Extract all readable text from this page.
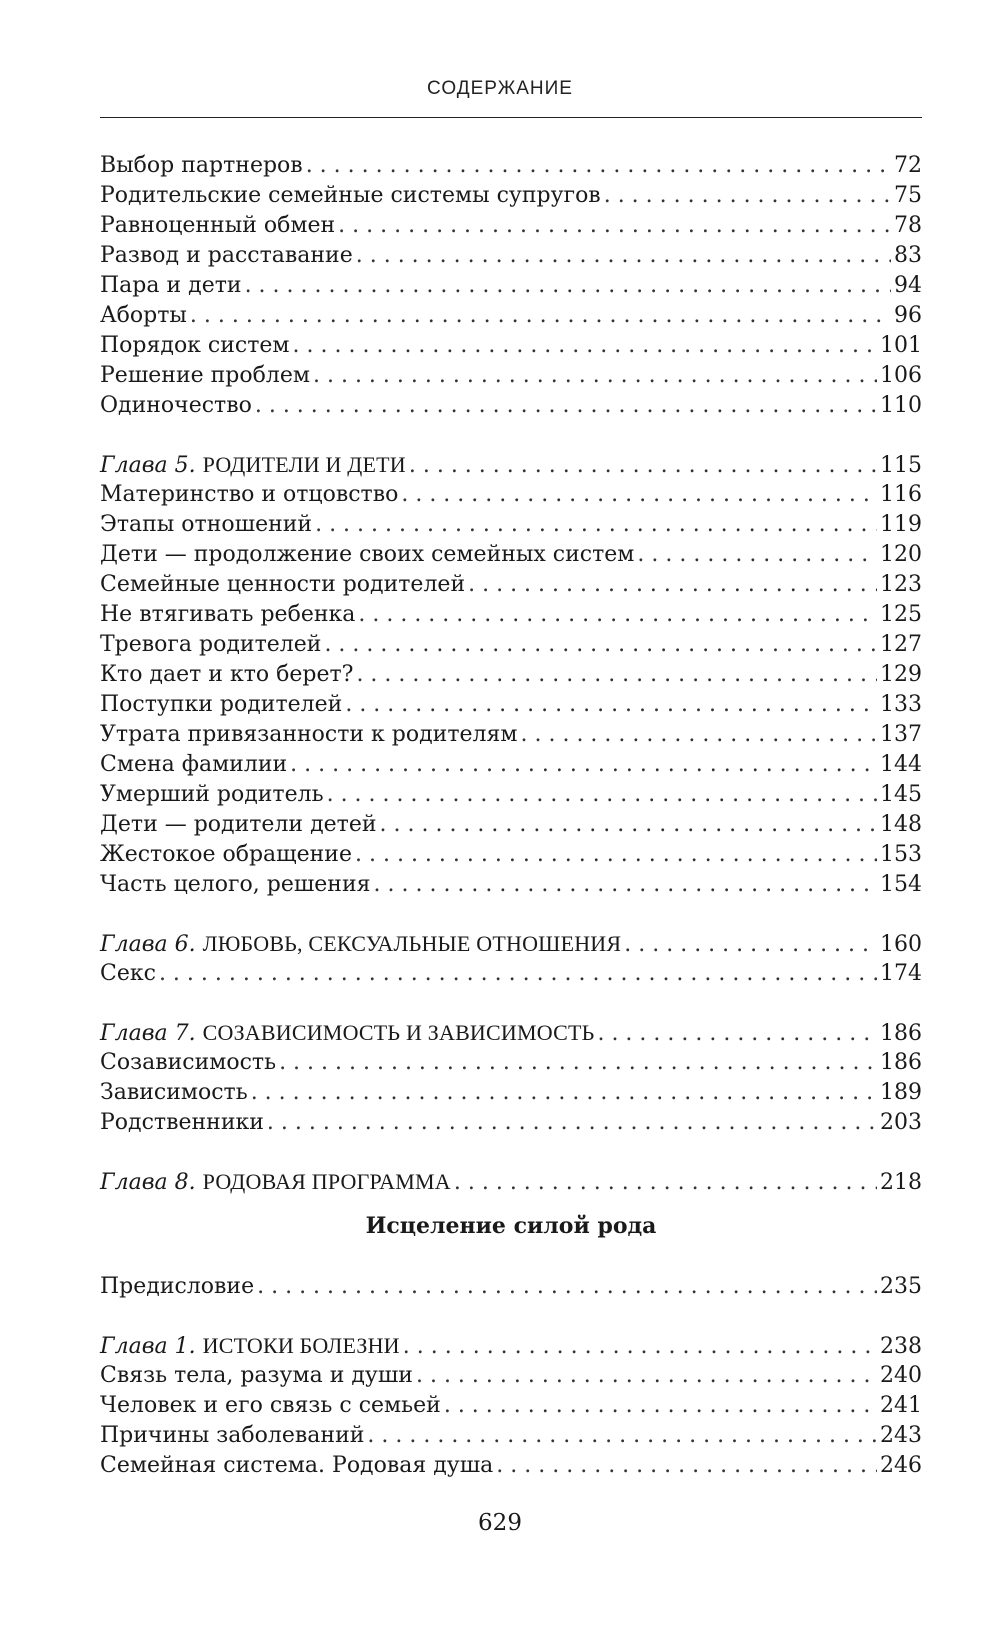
СОДЕРЖАНИЕ
Выбор партнеров . . .	72
Родительские семейные системы супругов . . .	75
Равноценный обмен . . .	78
Развод и расставание . . .	83
Пара и дети . . .	94
Аборты . . .	96
Порядок систем . . .	101
Решение проблем . . .	106
Одиночество . . .	110
Глава 5. РОДИТЕЛИ И ДЕТИ . . .	115
Материнство и отцовство . . .	116
Этапы отношений . . .	119
Дети — продолжение своих семейных систем . . .	120
Семейные ценности родителей . . .	123
Не втягивать ребенка . . .	125
Тревога родителей . . .	127
Кто дает и кто берет? . . .	129
Поступки родителей . . .	133
Утрата привязанности к родителям . . .	137
Смена фамилии . . .	144
Умерший родитель . . .	145
Дети — родители детей . . .	148
Жестокое обращение . . .	153
Часть целого, решения . . .	154
Глава 6. ЛЮБОВЬ, СЕКСУАЛЬНЫЕ ОТНОШЕНИЯ . . .	160
Секс . . .	174
Глава 7. СОЗАВИСИМОСТЬ И ЗАВИСИМОСТЬ . . .	186
Созависимость . . .	186
Зависимость . . .	189
Родственники . . .	203
Глава 8. РОДОВАЯ ПРОГРАММА . . .	218
Исцеление силой рода
Предисловие . . .	235
Глава 1. ИСТОКИ БОЛЕЗНИ . . .	238
Связь тела, разума и души . . .	240
Человек и его связь с семьей . . .	241
Причины заболеваний . . .	243
Семейная система. Родовая душа . . .	246
629
